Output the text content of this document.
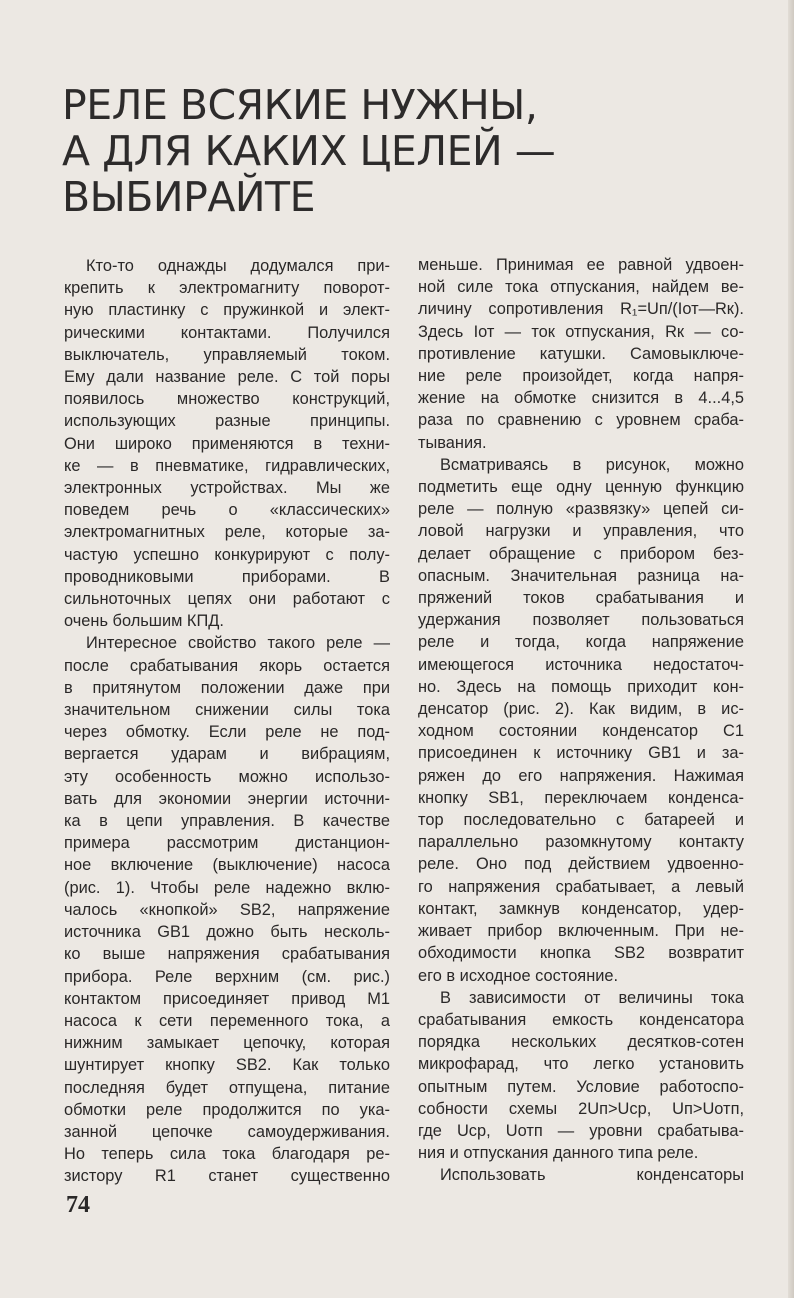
РЕЛЕ ВСЯКИЕ НУЖНЫ,
А ДЛЯ КАКИХ ЦЕЛЕЙ —
ВЫБИРАЙТЕ

Кто-то однажды додумался при-
крепить к электромагниту поворот-
ную пластинку с пружинкой и элект-
рическими контактами. Получился
выключатель, управляемый током.
Ему дали название реле. С той поры
появилось множество конструкций,
использующих разные принципы.
Они широко применяются в техни-
ке — в пневматике, гидравлических,
электронных устройствах. Мы же
поведем речь о «классических»
электромагнитных реле, которые за-
частую успешно конкурируют с полу-
проводниковыми приборами. В
сильноточных цепях они работают с
очень большим КПД.

Интересное свойство такого реле —
после срабатывания якорь остается
в притянутом положении даже при
значительном снижении силы тока
через обмотку. Если реле не под-
вергается ударам и вибрациям,
эту особенность можно использо-
вать для экономии энергии источни-
ка в цепи управления. В качестве
примера рассмотрим дистанцион-
ное включение (выключение) насоса
(рис. 1). Чтобы реле надежно вклю-
чалось «кнопкой» SB2, напряжение
источника GB1 дожно быть несколь-
ко выше напряжения срабатывания
прибора. Реле верхним (см. рис.)
контактом присоединяет привод М1
насоса к сети переменного тока, а
нижним замыкает цепочку, которая
шунтирует кнопку SB2. Как только
последняя будет отпущена, питание
обмотки реле продолжится по ука-
занной цепочке самоудерживания.
Но теперь сила тока благодаря ре-
зистору R1 станет существенно

меньше. Принимая ее равной удвоен-
ной силе тока отпускания, найдем ве-
личину сопротивления R₁=Uп/(Iот—Rк).
Здесь Iот — ток отпускания, Rк — со-
противление катушки. Самовыключе-
ние реле произойдет, когда напря-
жение на обмотке снизится в 4...4,5
раза по сравнению с уровнем сраба-
тывания.

Всматриваясь в рисунок, можно
подметить еще одну ценную функцию
реле — полную «развязку» цепей си-
ловой нагрузки и управления, что
делает обращение с прибором без-
опасным. Значительная разница на-
пряжений токов срабатывания и
удержания позволяет пользоваться
реле и тогда, когда напряжение
имеющегося источника недостаточ-
но. Здесь на помощь приходит кон-
денсатор (рис. 2). Как видим, в ис-
ходном состоянии конденсатор С1
присоединен к источнику GB1 и за-
ряжен до его напряжения. Нажимая
кнопку SB1, переключаем конденса-
тор последовательно с батареей и
параллельно разомкнутому контакту
реле. Оно под действием удвоенно-
го напряжения срабатывает, а левый
контакт, замкнув конденсатор, удер-
живает прибор включенным. При не-
обходимости кнопка SB2 возвратит
его в исходное состояние.

В зависимости от величины тока
срабатывания емкость конденсатора
порядка нескольких десятков-сотен
микрофарад, что легко установить
опытным путем. Условие работоспо-
собности схемы 2Uп>Uср, Uп>Uотп,
где Uср, Uотп — уровни срабатыва-
ния и отпускания данного типа реле.

Использовать конденсаторы

74
